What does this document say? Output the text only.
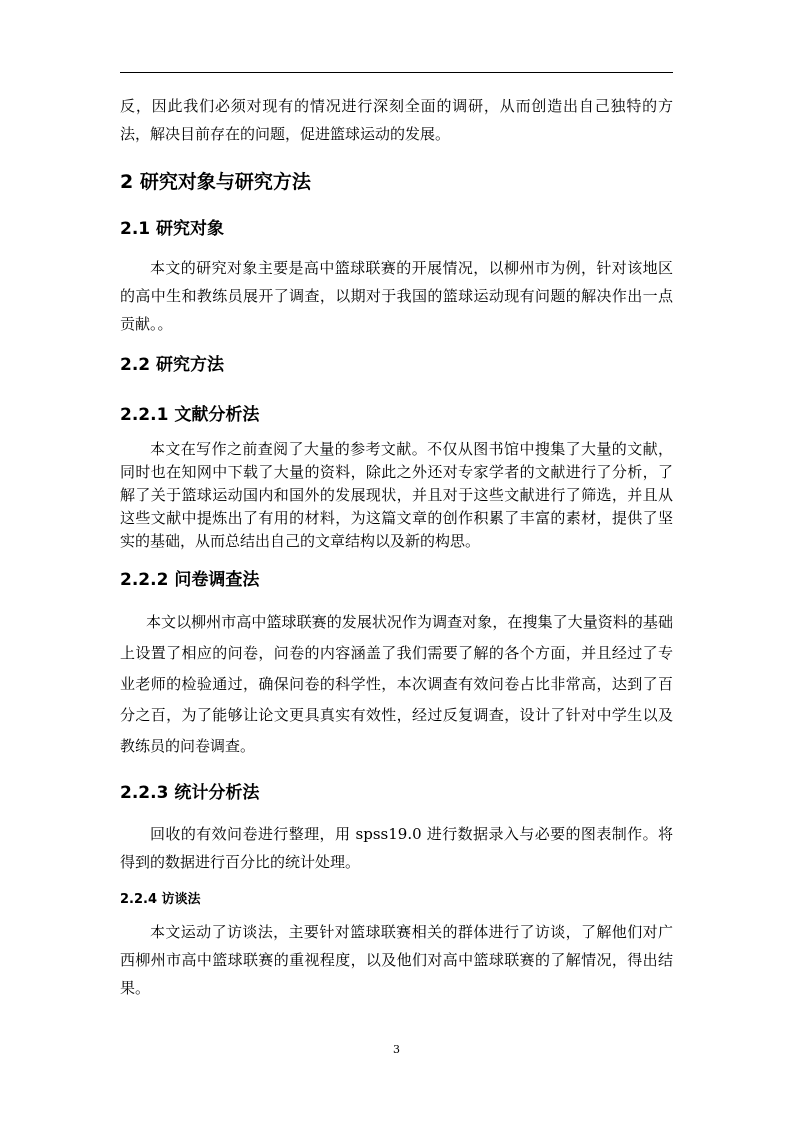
反，因此我们必须对现有的情况进行深刻全面的调研，从而创造出自己独特的方法，解决目前存在的问题，促进篮球运动的发展。

2 研究对象与研究方法
2.1 研究对象

本文的研究对象主要是高中篮球联赛的开展情况，以柳州市为例，针对该地区的高中生和教练员展开了调查，以期对于我国的篮球运动现有问题的解决作出一点贡献。。

2.2 研究方法
2.2.1 文献分析法

本文在写作之前查阅了大量的参考文献。不仅从图书馆中搜集了大量的文献，同时也在知网中下载了大量的资料，除此之外还对专家学者的文献进行了分析，了解了关于篮球运动国内和国外的发展现状，并且对于这些文献进行了筛选，并且从这些文献中提炼出了有用的材料，为这篇文章的创作积累了丰富的素材，提供了坚实的基础，从而总结出自己的文章结构以及新的构思。

2.2.2 问卷调查法

本文以柳州市高中篮球联赛的发展状况作为调查对象，在搜集了大量资料的基础上设置了相应的问卷，问卷的内容涵盖了我们需要了解的各个方面，并且经过了专业老师的检验通过，确保问卷的科学性，本次调查有效问卷占比非常高，达到了百分之百，为了能够让论文更具真实有效性，经过反复调查，设计了针对中学生以及教练员的问卷调查。

2.2.3 统计分析法

回收的有效问卷进行整理，用 spss19.0 进行数据录入与必要的图表制作。将得到的数据进行百分比的统计处理。

2.2.4 访谈法

本文运动了访谈法，主要针对篮球联赛相关的群体进行了访谈，了解他们对广西柳州市高中篮球联赛的重视程度，以及他们对高中篮球联赛的了解情况，得出结果。

3
